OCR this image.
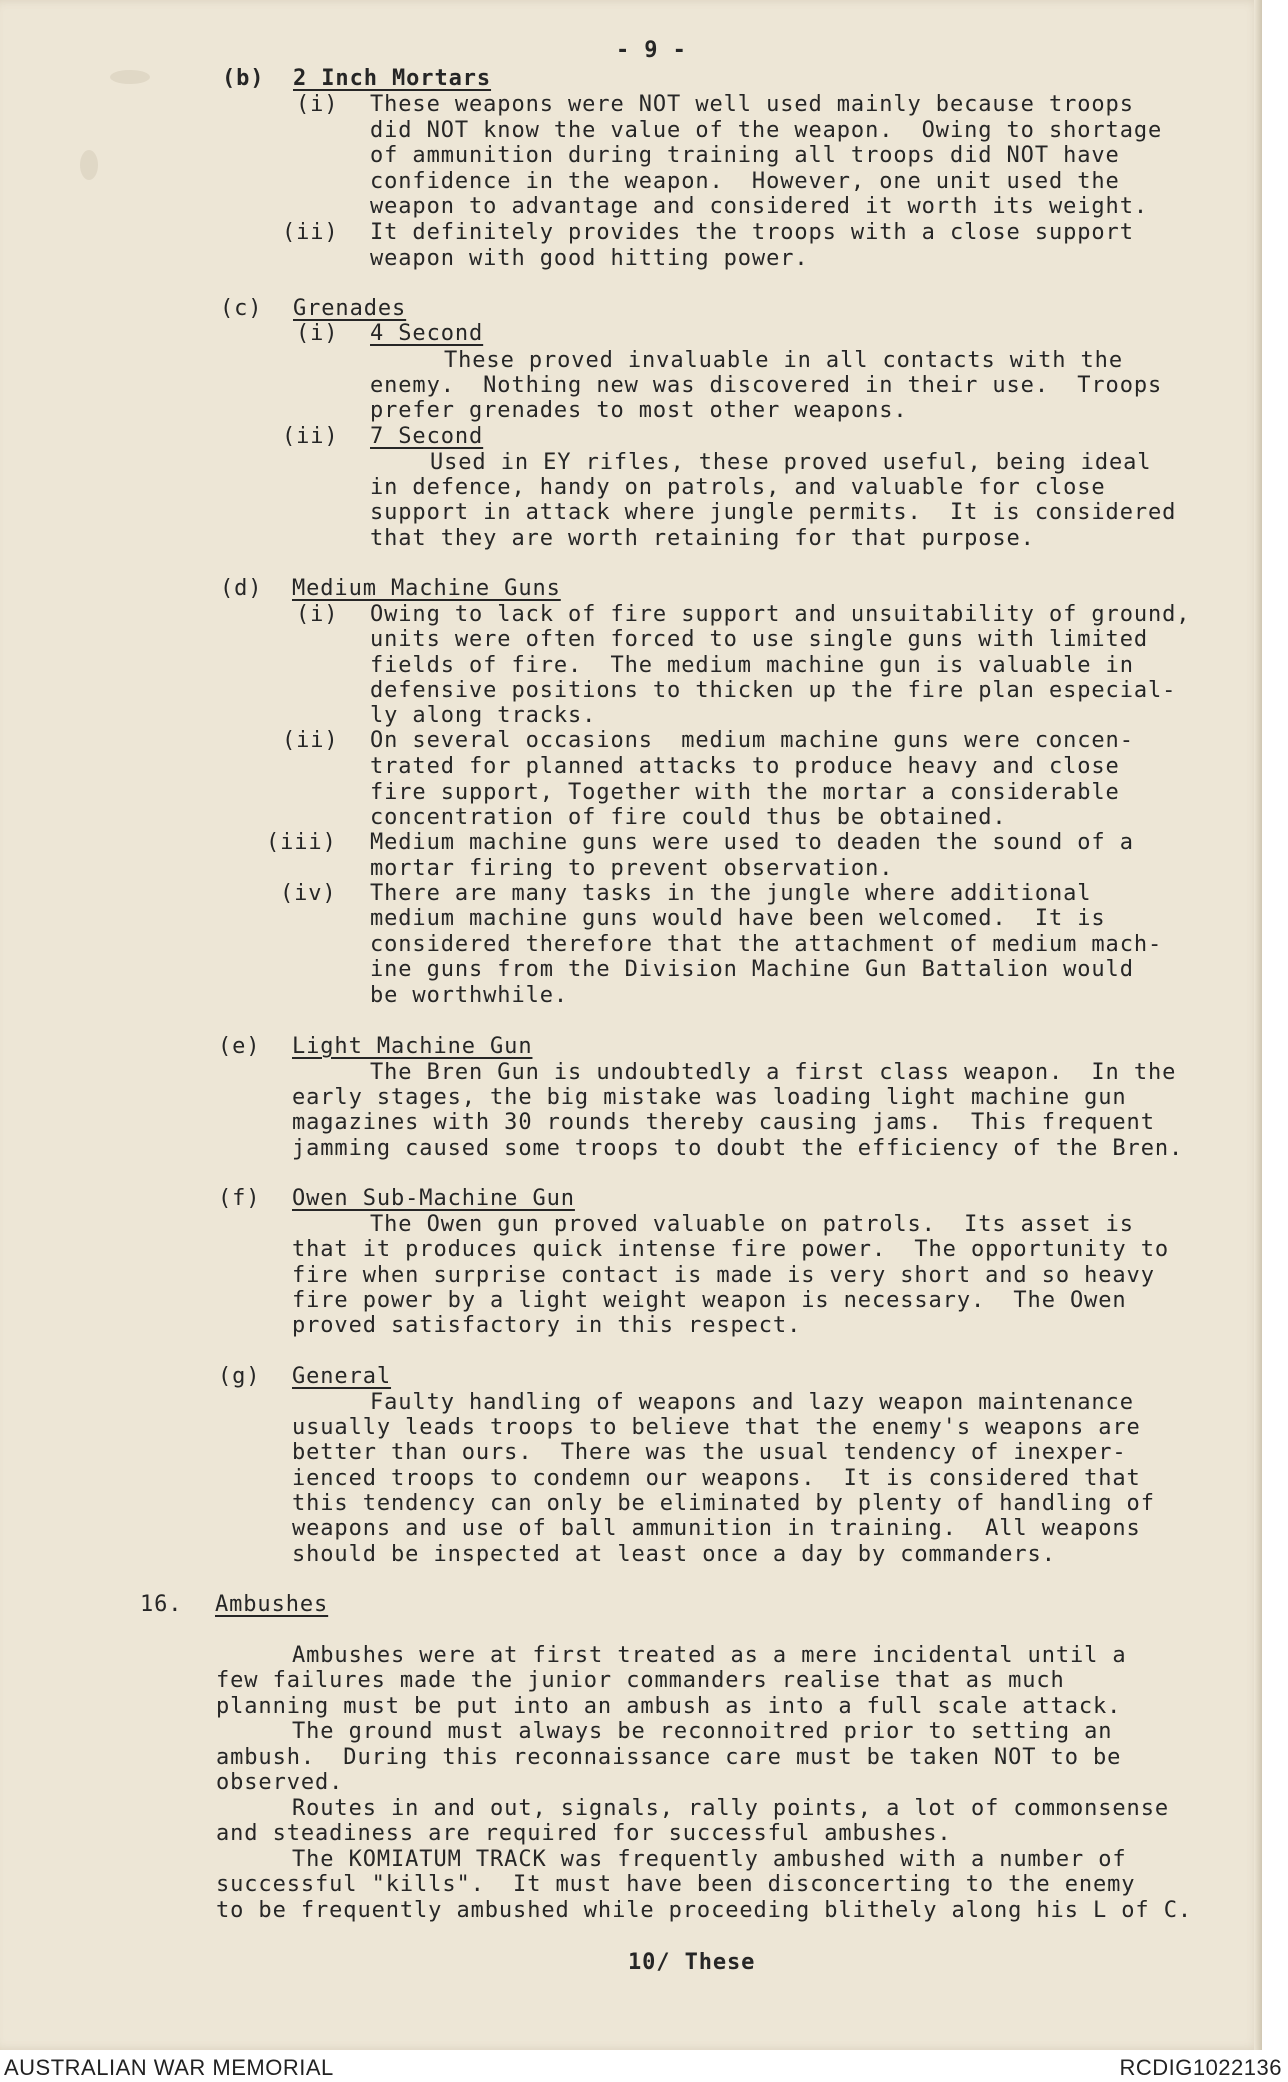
- 9 -
(b) 2 Inch Mortars
(i) These weapons were NOT well used mainly because troops
did NOT know the value of the weapon.  Owing to shortage
of ammunition during training all troops did NOT have
confidence in the weapon.  However, one unit used the
weapon to advantage and considered it worth its weight.
(ii) It definitely provides the troops with a close support
weapon with good hitting power.
(c) Grenades
(i) 4 Second
These proved invaluable in all contacts with the
enemy.  Nothing new was discovered in their use.  Troops
prefer grenades to most other weapons.
(ii) 7 Second
Used in EY rifles, these proved useful, being ideal
in defence, handy on patrols, and valuable for close
support in attack where jungle permits.  It is considered
that they are worth retaining for that purpose.
(d) Medium Machine Guns
(i) Owing to lack of fire support and unsuitability of ground,
units were often forced to use single guns with limited
fields of fire.  The medium machine gun is valuable in
defensive positions to thicken up the fire plan especial-
ly along tracks.
(ii) On several occasions  medium machine guns were concen-
trated for planned attacks to produce heavy and close
fire support, Together with the mortar a considerable
concentration of fire could thus be obtained.
(iii) Medium machine guns were used to deaden the sound of a
mortar firing to prevent observation.
(iv) There are many tasks in the jungle where additional
medium machine guns would have been welcomed.  It is
considered therefore that the attachment of medium mach-
ine guns from the Division Machine Gun Battalion would
be worthwhile.
(e) Light Machine Gun
The Bren Gun is undoubtedly a first class weapon.  In the
early stages, the big mistake was loading light machine gun
magazines with 30 rounds thereby causing jams.  This frequent
jamming caused some troops to doubt the efficiency of the Bren.
(f) Owen Sub-Machine Gun
The Owen gun proved valuable on patrols.  Its asset is
that it produces quick intense fire power.  The opportunity to
fire when surprise contact is made is very short and so heavy
fire power by a light weight weapon is necessary.  The Owen
proved satisfactory in this respect.
(g) General
Faulty handling of weapons and lazy weapon maintenance
usually leads troops to believe that the enemy's weapons are
better than ours.  There was the usual tendency of inexper-
ienced troops to condemn our weapons.  It is considered that
this tendency can only be eliminated by plenty of handling of
weapons and use of ball ammunition in training.  All weapons
should be inspected at least once a day by commanders.
16. Ambushes
Ambushes were at first treated as a mere incidental until a
few failures made the junior commanders realise that as much
planning must be put into an ambush as into a full scale attack.
The ground must always be reconnoitred prior to setting an
ambush.  During this reconnaissance care must be taken NOT to be
observed.
Routes in and out, signals, rally points, a lot of commonsense
and steadiness are required for successful ambushes.
The KOMIATUM TRACK was frequently ambushed with a number of
successful "kills".  It must have been disconcerting to the enemy
to be frequently ambushed while proceeding blithely along his L of C.
10/ These
AUSTRALIAN WAR MEMORIAL	RCDIG1022136
